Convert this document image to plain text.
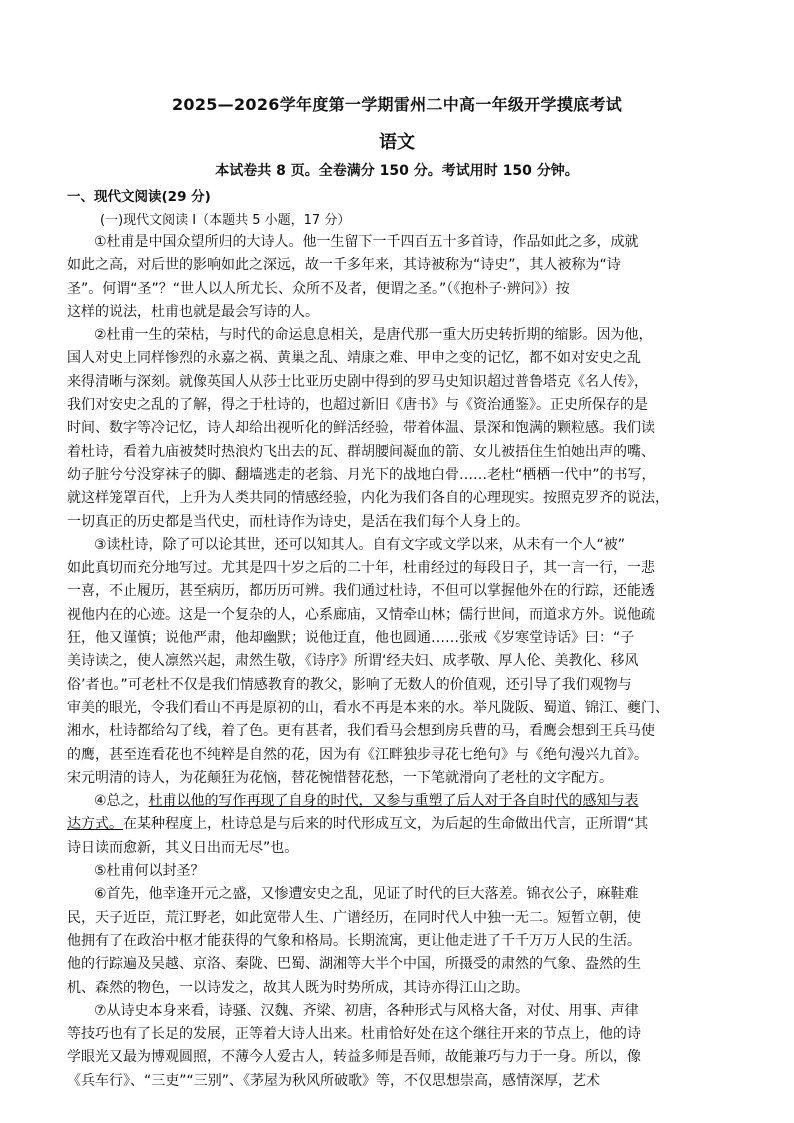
2025—2026学年度第一学期雷州二中高一年级开学摸底考试
语文
本试卷共 8 页。全卷满分 150 分。考试用时 150 分钟。
一、现代文阅读(29 分)
(一)现代文阅读 I（本题共 5 小题，17 分）
①杜甫是中国众望所归的大诗人。他一生留下一千四百五十多首诗，作品如此之多，成就
如此之高，对后世的影响如此之深远，故一千多年来，其诗被称为“诗史”，其人被称为“诗
圣”。何谓“圣”？“世人以人所尤长、众所不及者，便谓之圣。”（《抱朴子·辨问》）按
这样的说法，杜甫也就是最会写诗的人。
②杜甫一生的荣枯，与时代的命运息息相关，是唐代那一重大历史转折期的缩影。因为他，
国人对史上同样惨烈的永嘉之祸、黄巢之乱、靖康之难、甲申之变的记忆，都不如对安史之乱
来得清晰与深刻。就像英国人从莎士比亚历史剧中得到的罗马史知识超过普鲁塔克《名人传》，
我们对安史之乱的了解，得之于杜诗的，也超过新旧《唐书》与《资治通鉴》。正史所保存的是
时间、数字等冷记忆，诗人却给出视听化的鲜活经验，带着体温、景深和饱满的颗粒感。我们读
着杜诗，看着九庙被焚时热浪灼飞出去的瓦、群胡腰间凝血的箭、女儿被捂住生怕她出声的嘴、
幼子脏兮兮没穿袜子的脚、翻墙逃走的老翁、月光下的战地白骨……老杜“栖栖一代中”的书写，
就这样笼罩百代，上升为人类共同的情感经验，内化为我们各自的心理现实。按照克罗齐的说法，
一切真正的历史都是当代史，而杜诗作为诗史，是活在我们每个人身上的。
③读杜诗，除了可以论其世，还可以知其人。自有文字或文学以来，从未有一个人“被”
如此真切而充分地写过。尤其是四十岁之后的二十年，杜甫经过的每段日子，其一言一行，一悲
一喜，不止履历，甚至病历，都历历可辨。我们通过杜诗，不但可以掌握他外在的行踪，还能透
视他内在的心迹。这是一个复杂的人，心系廊庙，又情牵山林；儒行世间，而道求方外。说他疏
狂，他又谨慎；说他严肃，他却幽默；说他迂直，他也圆通……张戒《岁寒堂诗话》曰：“子
美诗读之，使人凛然兴起，肃然生敬，《诗序》所谓‘经夫妇、成孝敬、厚人伦、美教化、移风
俗’者也。”可老杜不仅是我们情感教育的教父，影响了无数人的价值观，还引导了我们观物与
审美的眼光，令我们看山不再是原初的山，看水不再是本来的水。举凡陇阪、蜀道、锦江、夔门、
湘水，杜诗都给勾了线，着了色。更有甚者，我们看马会想到房兵曹的马，看鹰会想到王兵马使
的鹰，甚至连看花也不纯粹是自然的花，因为有《江畔独步寻花七绝句》与《绝句漫兴九首》。
宋元明清的诗人，为花颠狂为花恼，替花惋惜替花愁，一下笔就滑向了老杜的文字配方。
④总之，杜甫以他的写作再现了自身的时代，又参与重塑了后人对于各自时代的感知与表
达方式。在某种程度上，杜诗总是与后来的时代形成互文，为后起的生命做出代言，正所谓“其
诗日读而愈新，其义日出而无尽”也。
⑤杜甫何以封圣？
⑥首先，他幸逢开元之盛，又惨遭安史之乱，见证了时代的巨大落差。锦衣公子，麻鞋难
民，天子近臣，荒江野老，如此宽带人生、广谱经历，在同时代人中独一无二。短暂立朝，使
他拥有了在政治中枢才能获得的气象和格局。长期流寓，更让他走进了千千万万人民的生活。
他的行踪遍及吴越、京洛、秦陇、巴蜀、湖湘等大半个中国，所摄受的肃然的气象、盎然的生
机、森然的物色，一以诗发之，故其人既为时势所成，其诗亦得江山之助。
⑦从诗史本身来看，诗骚、汉魏、齐梁、初唐，各种形式与风格大备，对仗、用事、声律
等技巧也有了长足的发展，正等着大诗人出来。杜甫恰好处在这个继往开来的节点上，他的诗
学眼光又最为博观圆照，不薄今人爱古人，转益多师是吾师，故能兼巧与力于一身。所以，像
《兵车行》、“三吏”“三别”、《茅屋为秋风所破歌》等，不仅思想崇高，感情深厚，艺术
